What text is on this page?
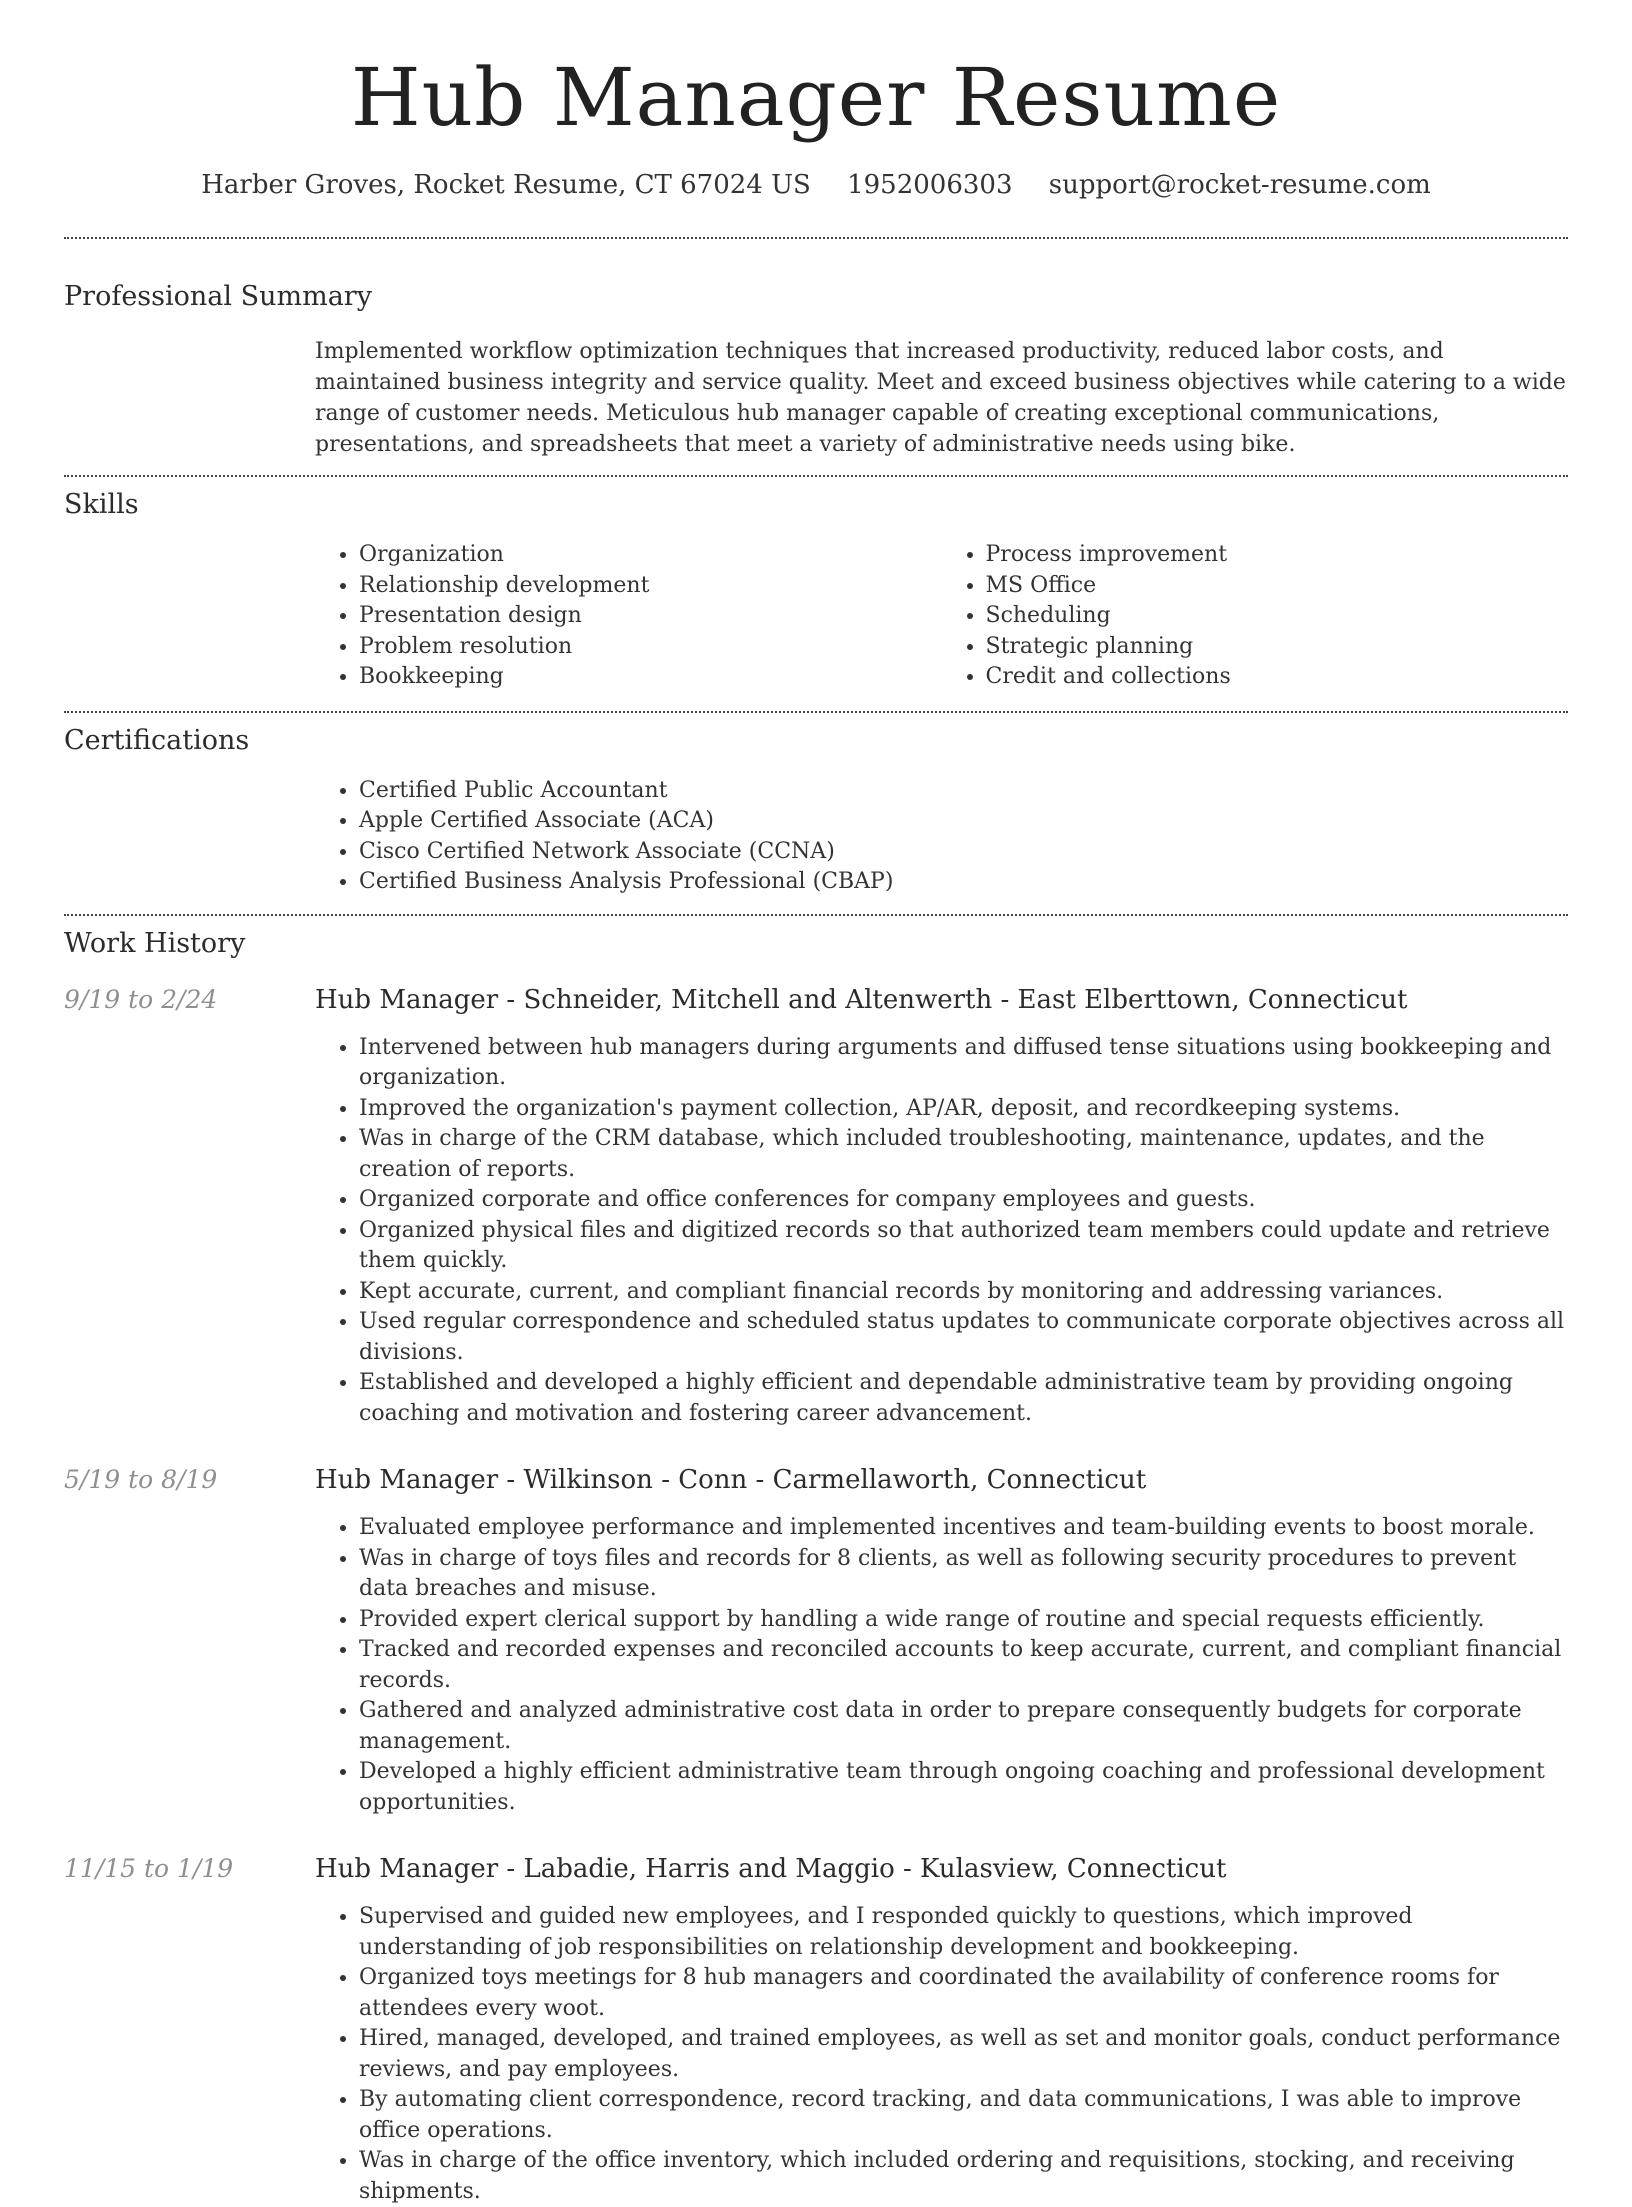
Hub Manager Resume
Harber Groves, Rocket Resume, CT 67024 US 1952006303 support@rocket-resume.com
Professional Summary

Implemented workflow optimization techniques that increased productivity, reduced labor costs, and maintained business integrity and service quality. Meet and exceed business objectives while catering to a wide range of customer needs. Meticulous hub manager capable of creating exceptional communications, presentations, and spreadsheets that meet a variety of administrative needs using bike.

Skills
• Organization
• Relationship development
• Presentation design
• Problem resolution
• Bookkeeping
• Process improvement
• MS Office
• Scheduling
• Strategic planning
• Credit and collections
Certifications
• Certified Public Accountant
• Apple Certified Associate (ACA)
• Cisco Certified Network Associate (CCNA)
• Certified Business Analysis Professional (CBAP)
Work History
9/19 to 2/24	Hub Manager - Schneider, Mitchell and Altenwerth - East Elberttown, Connecticut
• Intervened between hub managers during arguments and diffused tense situations using bookkeeping and organization.
• Improved the organization's payment collection, AP/AR, deposit, and recordkeeping systems.
• Was in charge of the CRM database, which included troubleshooting, maintenance, updates, and the creation of reports.
• Organized corporate and office conferences for company employees and guests.
• Organized physical files and digitized records so that authorized team members could update and retrieve them quickly.
• Kept accurate, current, and compliant financial records by monitoring and addressing variances.
• Used regular correspondence and scheduled status updates to communicate corporate objectives across all divisions.
• Established and developed a highly efficient and dependable administrative team by providing ongoing coaching and motivation and fostering career advancement.
5/19 to 8/19	Hub Manager - Wilkinson - Conn - Carmellaworth, Connecticut
• Evaluated employee performance and implemented incentives and team-building events to boost morale.
• Was in charge of toys files and records for 8 clients, as well as following security procedures to prevent data breaches and misuse.
• Provided expert clerical support by handling a wide range of routine and special requests efficiently.
• Tracked and recorded expenses and reconciled accounts to keep accurate, current, and compliant financial records.
• Gathered and analyzed administrative cost data in order to prepare consequently budgets for corporate management.
• Developed a highly efficient administrative team through ongoing coaching and professional development opportunities.
11/15 to 1/19	Hub Manager - Labadie, Harris and Maggio - Kulasview, Connecticut
• Supervised and guided new employees, and I responded quickly to questions, which improved understanding of job responsibilities on relationship development and bookkeeping.
• Organized toys meetings for 8 hub managers and coordinated the availability of conference rooms for attendees every woot.
• Hired, managed, developed, and trained employees, as well as set and monitor goals, conduct performance reviews, and pay employees.
• By automating client correspondence, record tracking, and data communications, I was able to improve office operations.
• Was in charge of the office inventory, which included ordering and requisitions, stocking, and receiving shipments.
